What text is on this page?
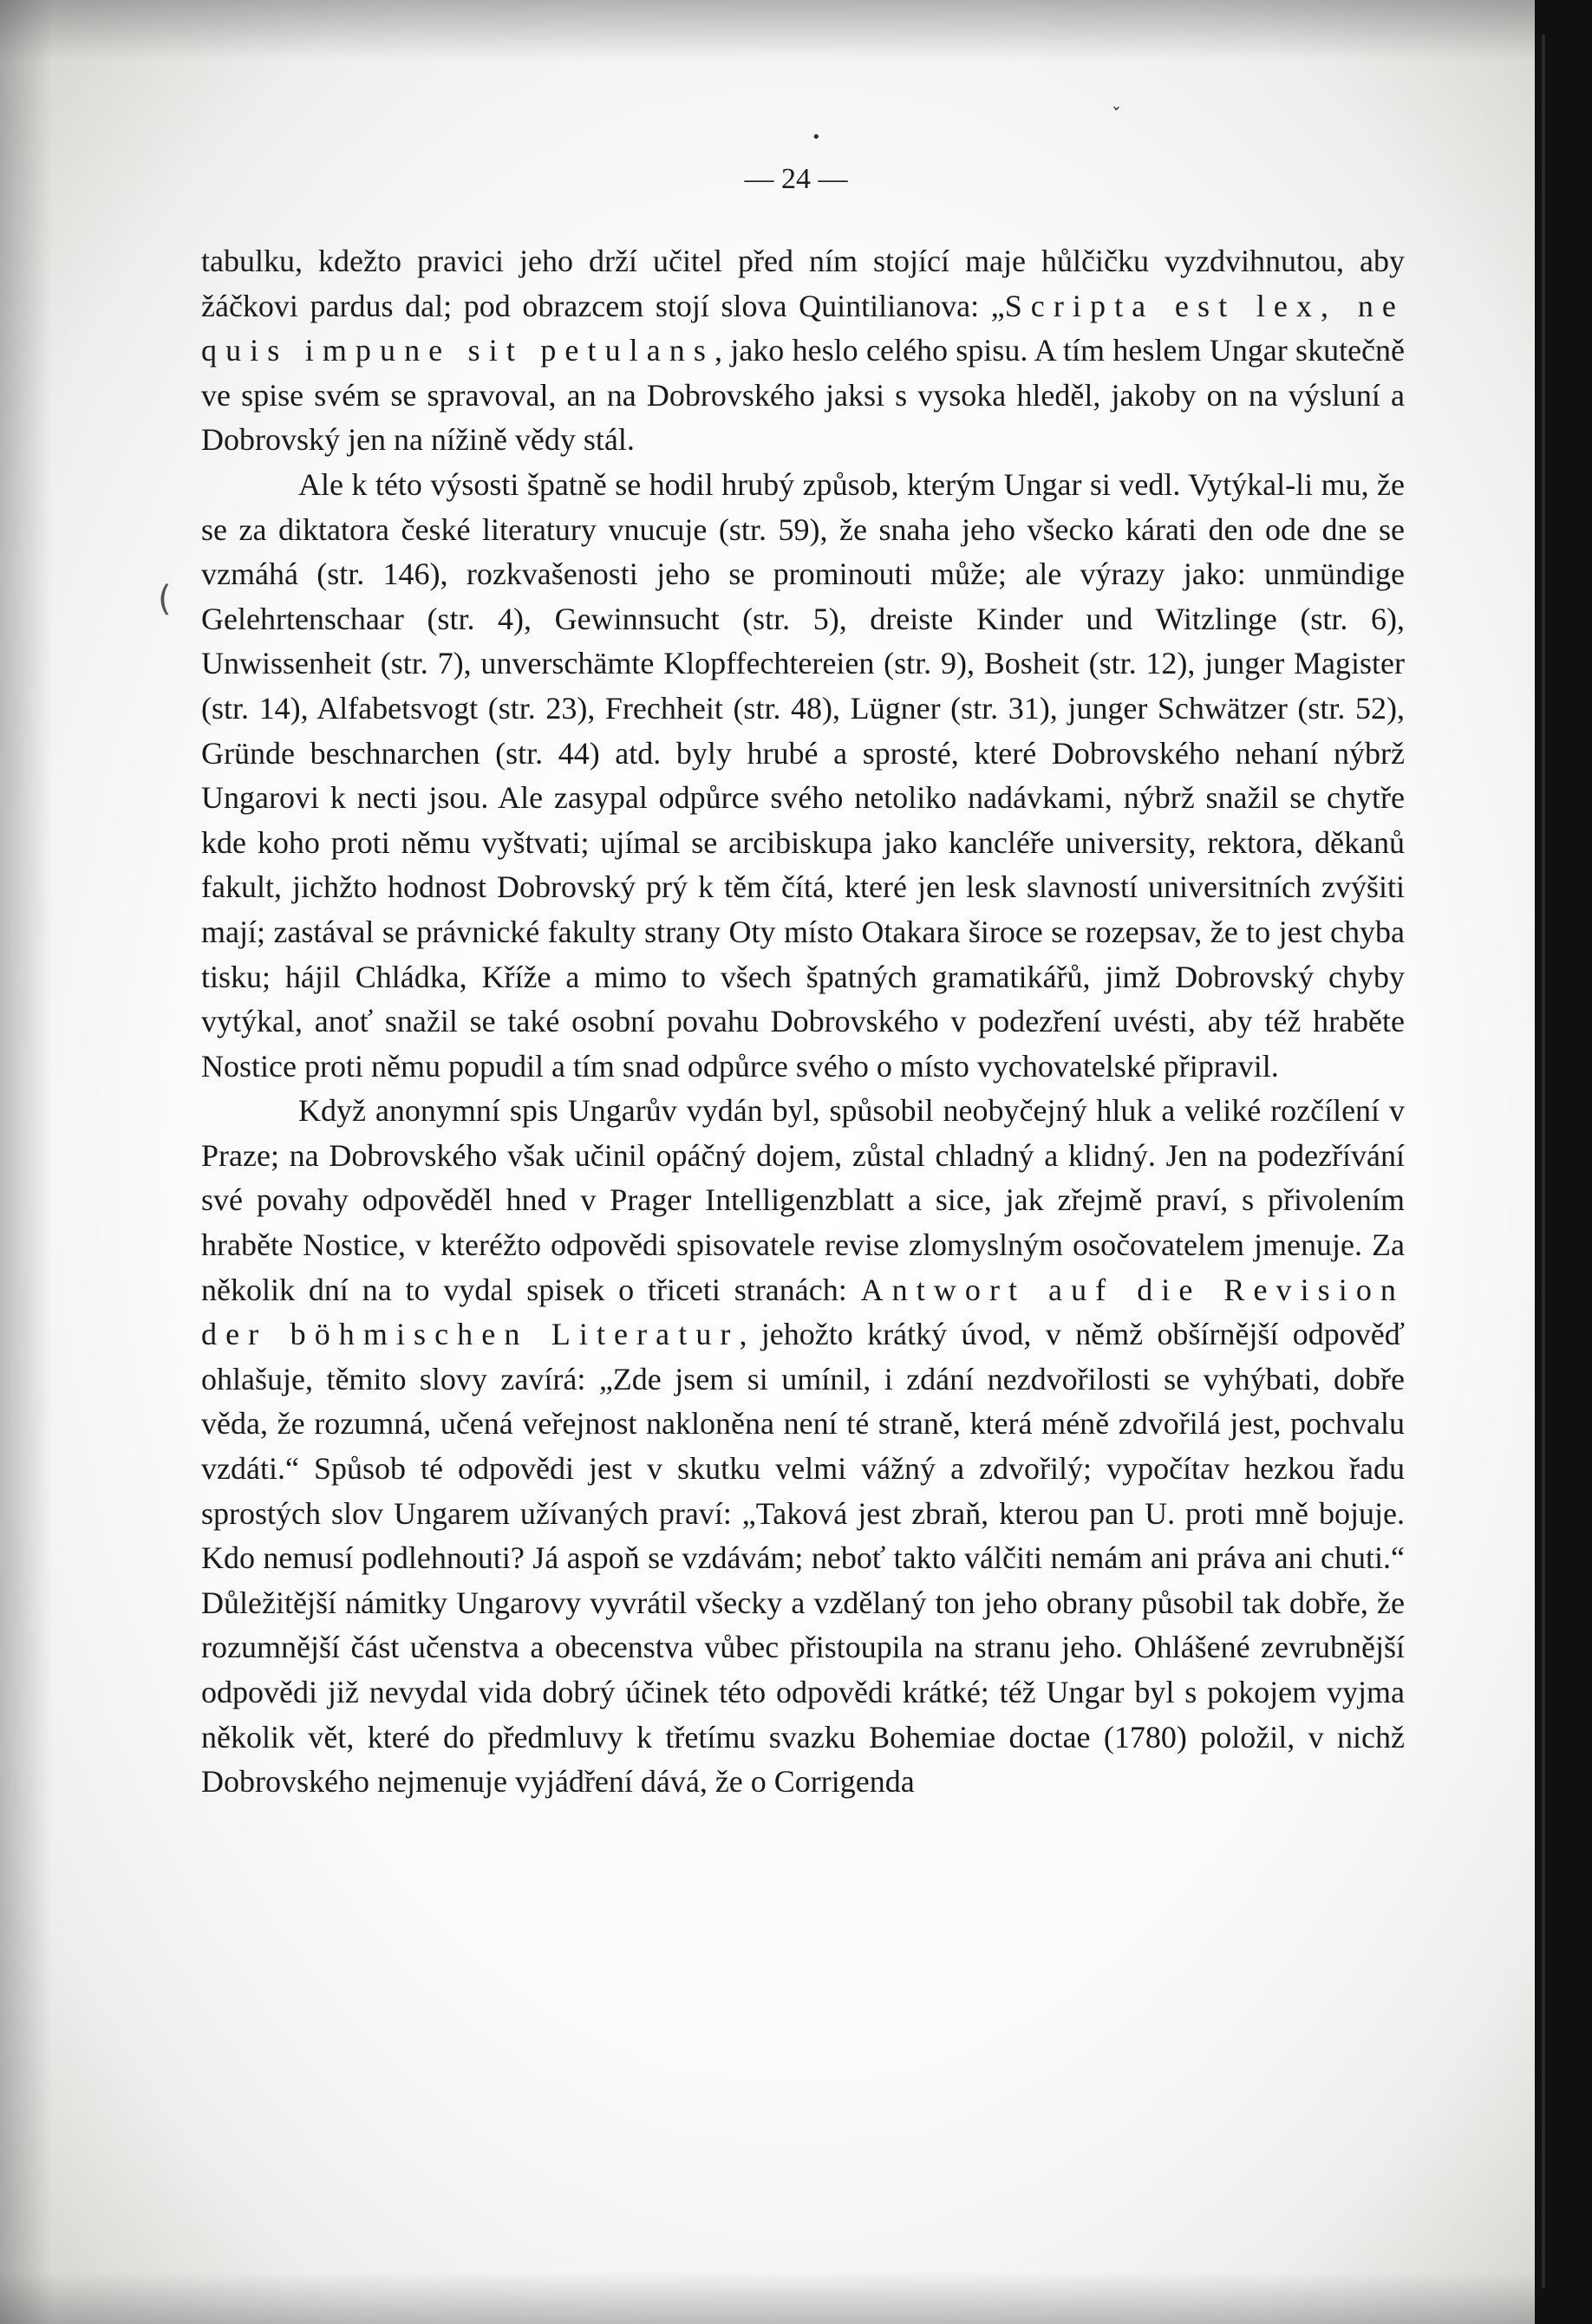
•
ˇ
(
— 24 —

tabulku, kdežto pravici jeho drží učitel před ním stojící maje hůlčičku vyzdvihnutou, aby žáčkovi pardus dal; pod obrazcem stojí slova Quintilianova: „Scripta est lex, ne quis impune sit petulans, jako heslo celého spisu. A tím heslem Ungar skutečně ve spise svém se spravoval, an na Dobrovského jaksi s vysoka hleděl, jakoby on na výsluní a Dobrovský jen na nížině vědy stál.

Ale k této výsosti špatně se hodil hrubý způsob, kterým Ungar si vedl. Vytýkal-li mu, že se za diktatora české literatury vnucuje (str. 59), že snaha jeho všecko kárati den ode dne se vzmáhá (str. 146), rozkvašenosti jeho se prominouti může; ale výrazy jako: unmündige Gelehrtenschaar (str. 4), Gewinnsucht (str. 5), dreiste Kinder und Witzlinge (str. 6), Unwissenheit (str. 7), unverschämte Klopffechtereien (str. 9), Bosheit (str. 12), junger Magister (str. 14), Alfabetsvogt (str. 23), Frechheit (str. 48), Lügner (str. 31), junger Schwätzer (str. 52), Gründe beschnarchen (str. 44) atd. byly hrubé a sprosté, které Dobrovského nehaní nýbrž Ungarovi k necti jsou. Ale zasypal odpůrce svého netoliko nadávkami, nýbrž snažil se chytře kde koho proti němu vyštvati; ujímal se arcibiskupa jako kancléře university, rektora, děkanů fakult, jichžto hodnost Dobrovský prý k těm čítá, které jen lesk slavností universitních zvýšiti mají; zastával se právnické fakulty strany Oty místo Otakara široce se rozepsav, že to jest chyba tisku; hájil Chládka, Kříže a mimo to všech špatných gramatikářů, jimž Dobrovský chyby vytýkal, anoť snažil se také osobní povahu Dobrovského v podezření uvésti, aby též hraběte Nostice proti němu popudil a tím snad odpůrce svého o místo vychovatelské připravil.

Když anonymní spis Ungarův vydán byl, spůsobil neobyčejný hluk a veliké rozčílení v Praze; na Dobrovského však učinil opáčný dojem, zůstal chladný a klidný. Jen na podezřívání své povahy odpověděl hned v Prager Intelligenzblatt a sice, jak zřejmě praví, s přivolením hraběte Nostice, v kteréžto odpovědi spisovatele revise zlomyslným osočovatelem jmenuje. Za několik dní na to vydal spisek o třiceti stranách: Antwort auf die Revision der böhmischen Literatur, jehožto krátký úvod, v němž obšírnější odpověď ohlašuje, těmito slovy zavírá: „Zde jsem si umínil, i zdání nezdvořilosti se vyhýbati, dobře věda, že rozumná, učená veřejnost nakloněna není té straně, která méně zdvořilá jest, pochvalu vzdáti.“ Spůsob té odpovědi jest v skutku velmi vážný a zdvořilý; vypočítav hezkou řadu sprostých slov Ungarem užívaných praví: „Taková jest zbraň, kterou pan U. proti mně bojuje. Kdo nemusí podlehnouti? Já aspoň se vzdávám; neboť takto válčiti nemám ani práva ani chuti.“ Důležitější námitky Ungarovy vyvrátil všecky a vzdělaný ton jeho obrany působil tak dobře, že rozumnější část učenstva a obecenstva vůbec přistoupila na stranu jeho. Ohlášené zevrubnější odpovědi již nevydal vida dobrý účinek této odpovědi krátké; též Ungar byl s pokojem vyjma několik vět, které do předmluvy k třetímu svazku Bohemiae doctae (1780) položil, v nichž Dobrovského nejmenuje vyjádření dává, že o Corrigenda
